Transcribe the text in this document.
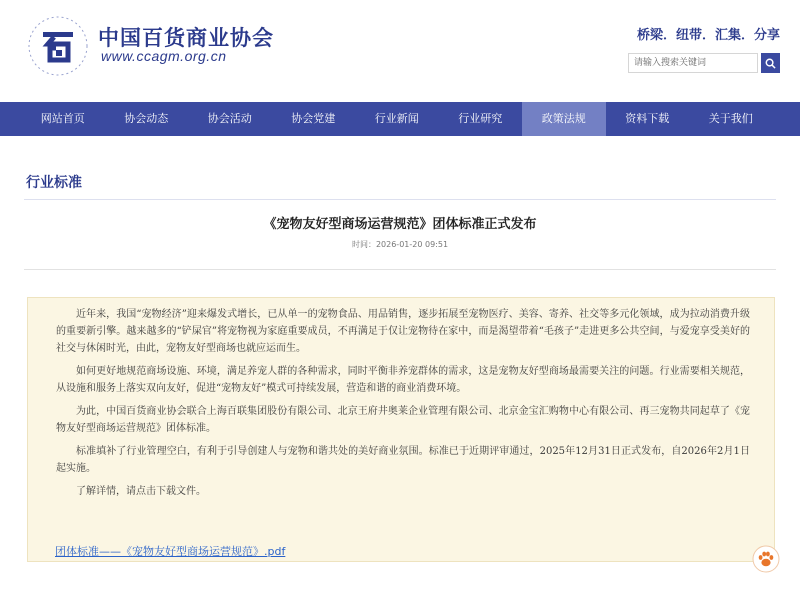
中国百货商业协会
www.ccagm.org.cn
桥梁．纽带．汇集．分享
请输入搜索关键词
网站首页	协会动态	协会活动	协会党建	行业新闻	行业研究	政策法规	资料下载	关于我们
行业标准
《宠物友好型商场运营规范》团体标准正式发布
时间：2026-01-20 09:51

近年来，我国“宠物经济”迎来爆发式增长，已从单一的宠物食品、用品销售，逐步拓展至宠物医疗、美容、寄养、社交等多元化领域，成为拉动消费升级的重要新引擎。越来越多的“铲屎官”将宠物视为家庭重要成员，不再满足于仅让宠物待在家中，而是渴望带着“毛孩子”走进更多公共空间，与爱宠享受美好的社交与休闲时光，由此，宠物友好型商场也就应运而生。

如何更好地规范商场设施、环境，满足养宠人群的各种需求，同时平衡非养宠群体的需求，这是宠物友好型商场最需要关注的问题。行业需要相关规范，从设施和服务上落实双向友好，促进“宠物友好”模式可持续发展，营造和谐的商业消费环境。

为此，中国百货商业协会联合上海百联集团股份有限公司、北京王府井奥莱企业管理有限公司、北京金宝汇购物中心有限公司、再三宠物共同起草了《宠物友好型商场运营规范》团体标准。

标准填补了行业管理空白，有利于引导创建人与宠物和谐共处的美好商业氛围。标准已于近期评审通过，2025年12月31日正式发布，自2026年2月1日起实施。

了解详情，请点击下载文件。

团体标准——《宠物友好型商场运营规范》.pdf
